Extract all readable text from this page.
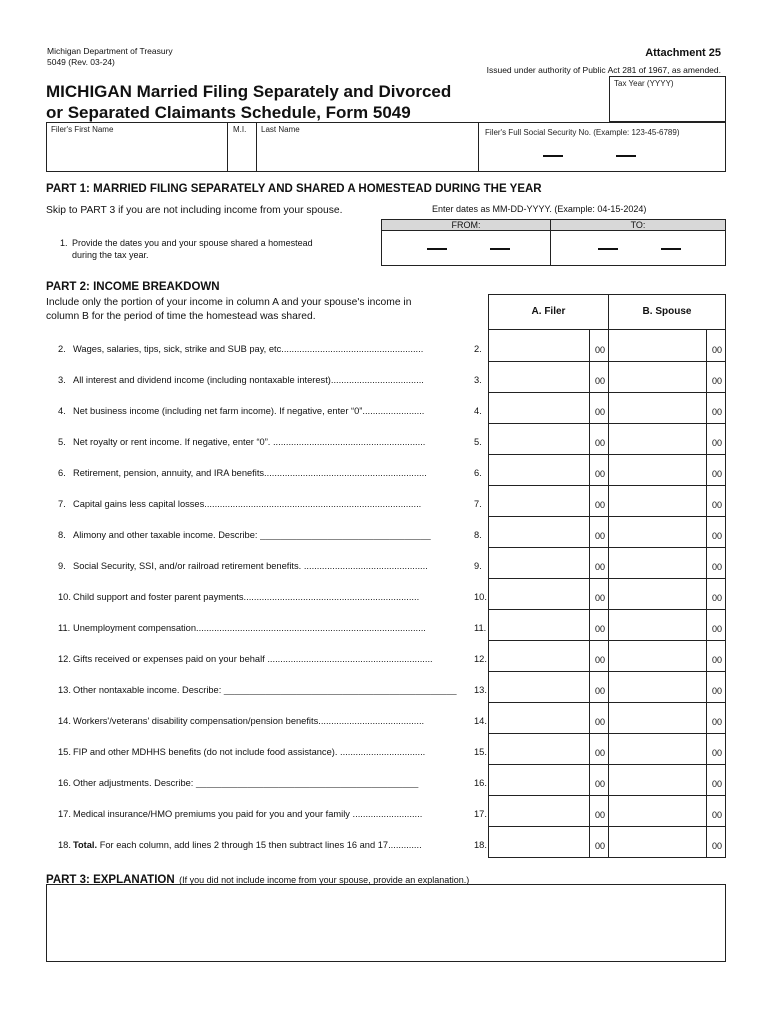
Michigan Department of Treasury
5049 (Rev. 03-24)
Attachment 25
Issued under authority of Public Act 281 of 1967, as amended.
MICHIGAN Married Filing Separately and Divorced
or Separated Claimants Schedule, Form 5049
Tax Year (YYYY)
Filer's First Name	M.I. Last Name	Filer's Full Social Security No. (Example: 123-45-6789)
PART 1: MARRIED FILING SEPARATELY AND SHARED A HOMESTEAD DURING THE YEAR
Skip to PART 3 if you are not including income from your spouse.	Enter dates as MM-DD-YYYY. (Example: 04-15-2024)
FROM:	TO:
1. Provide the dates you and your spouse shared a homestead
during the tax year.
PART 2: INCOME BREAKDOWN
Include only the portion of your income in column A and your spouse's income in
column B for the period of time the homestead was shared.	A. Filer	B. Spouse
2. Wages, salaries, tips, sick, strike and SUB pay, etc.......................................................	2.	00	00
3. All interest and dividend income (including nontaxable interest)....................................	3.	00	00
4. Net business income (including net farm income). If negative, enter “0”........................	4.	00	00
5. Net royalty or rent income. If negative, enter “0”. ...........................................................	5.	00	00
6. Retirement, pension, annuity, and IRA benefits...............................................................	6.	00	00
7. Capital gains less capital losses....................................................................................	7.	00	00
8. Alimony and other taxable income. Describe: _________________________________	8.	00	00
9. Social Security, SSI, and/or railroad retirement benefits. ................................................	9.	00	00
10. Child support and foster parent payments....................................................................	10.	00	00
11. Unemployment compensation.........................................................................................	11.	00	00
12. Gifts received or expenses paid on your behalf ................................................................	12.	00	00
13. Other nontaxable income. Describe: _____________________________________________	13.	00	00
14. Workers'/veterans' disability compensation/pension benefits.........................................	14.	00	00
15. FIP and other MDHHS benefits (do not include food assistance). .................................	15.	00	00
16. Other adjustments. Describe: ___________________________________________	16.	00	00
17. Medical insurance/HMO premiums you paid for you and your family ...........................	17.	00	00
18. Total. For each column, add lines 2 through 15 then subtract lines 16 and 17.............	18.	00	00
PART 3: EXPLANATION (If you did not include income from your spouse, provide an explanation.)
